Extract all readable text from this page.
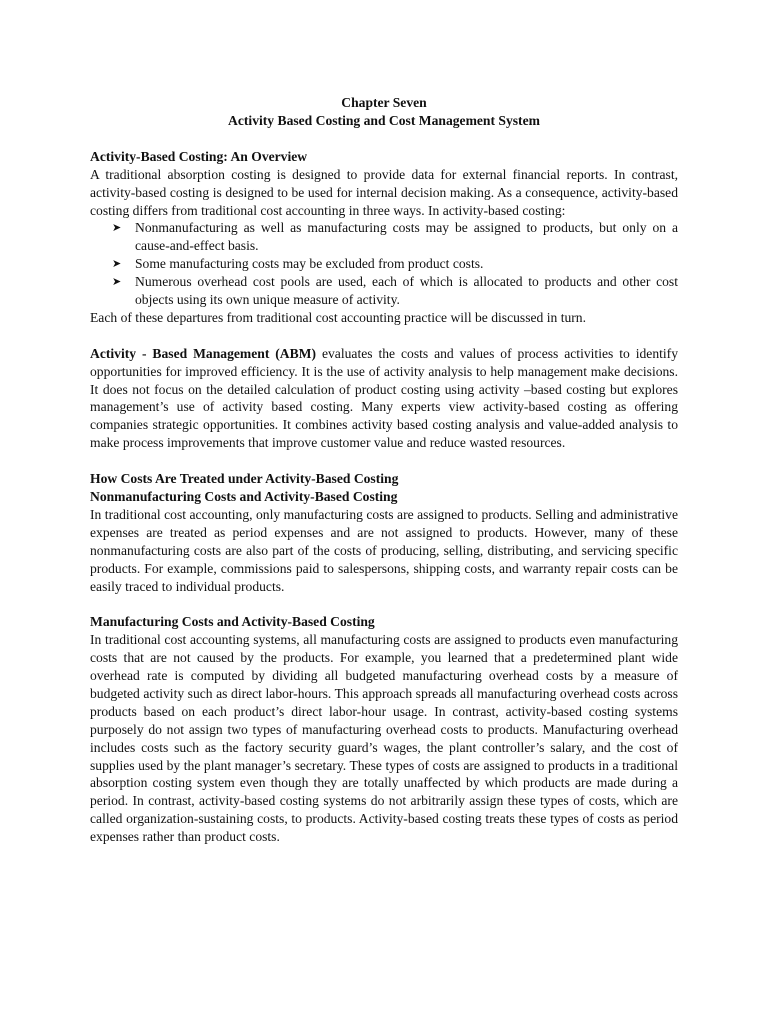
Chapter Seven
Activity Based Costing and Cost Management System
Activity-Based Costing: An Overview

A traditional absorption costing is designed to provide data for external financial reports. In contrast, activity-based costing is designed to be used for internal decision making. As a consequence, activity-based costing differs from traditional cost accounting in three ways. In activity-based costing:

➤ Nonmanufacturing as well as manufacturing costs may be assigned to products, but only on a cause-and-effect basis.
➤ Some manufacturing costs may be excluded from product costs.
➤ Numerous overhead cost pools are used, each of which is allocated to products and other cost objects using its own unique measure of activity.

Each of these departures from traditional cost accounting practice will be discussed in turn.

Activity - Based Management (ABM) evaluates the costs and values of process activities to identify opportunities for improved efficiency. It is the use of activity analysis to help management make decisions. It does not focus on the detailed calculation of product costing using activity –based costing but explores management’s use of activity based costing. Many experts view activity-based costing as offering companies strategic opportunities. It combines activity based costing analysis and value-added analysis to make process improvements that improve customer value and reduce wasted resources.

How Costs Are Treated under Activity-Based Costing
Nonmanufacturing Costs and Activity-Based Costing

In traditional cost accounting, only manufacturing costs are assigned to products. Selling and administrative expenses are treated as period expenses and are not assigned to products. However, many of these nonmanufacturing costs are also part of the costs of producing, selling, distributing, and servicing specific products. For example, commissions paid to salespersons, shipping costs, and warranty repair costs can be easily traced to individual products.

Manufacturing Costs and Activity-Based Costing

In traditional cost accounting systems, all manufacturing costs are assigned to products even manufacturing costs that are not caused by the products. For example, you learned that a predetermined plant wide overhead rate is computed by dividing all budgeted manufacturing overhead costs by a measure of budgeted activity such as direct labor-hours. This approach spreads all manufacturing overhead costs across products based on each product’s direct labor-hour usage. In contrast, activity-based costing systems purposely do not assign two types of manufacturing overhead costs to products. Manufacturing overhead includes costs such as the factory security guard’s wages, the plant controller’s salary, and the cost of supplies used by the plant manager’s secretary. These types of costs are assigned to products in a traditional absorption costing system even though they are totally unaffected by which products are made during a period. In contrast, activity-based costing systems do not arbitrarily assign these types of costs, which are called organization-sustaining costs, to products. Activity-based costing treats these types of costs as period expenses rather than product costs.
